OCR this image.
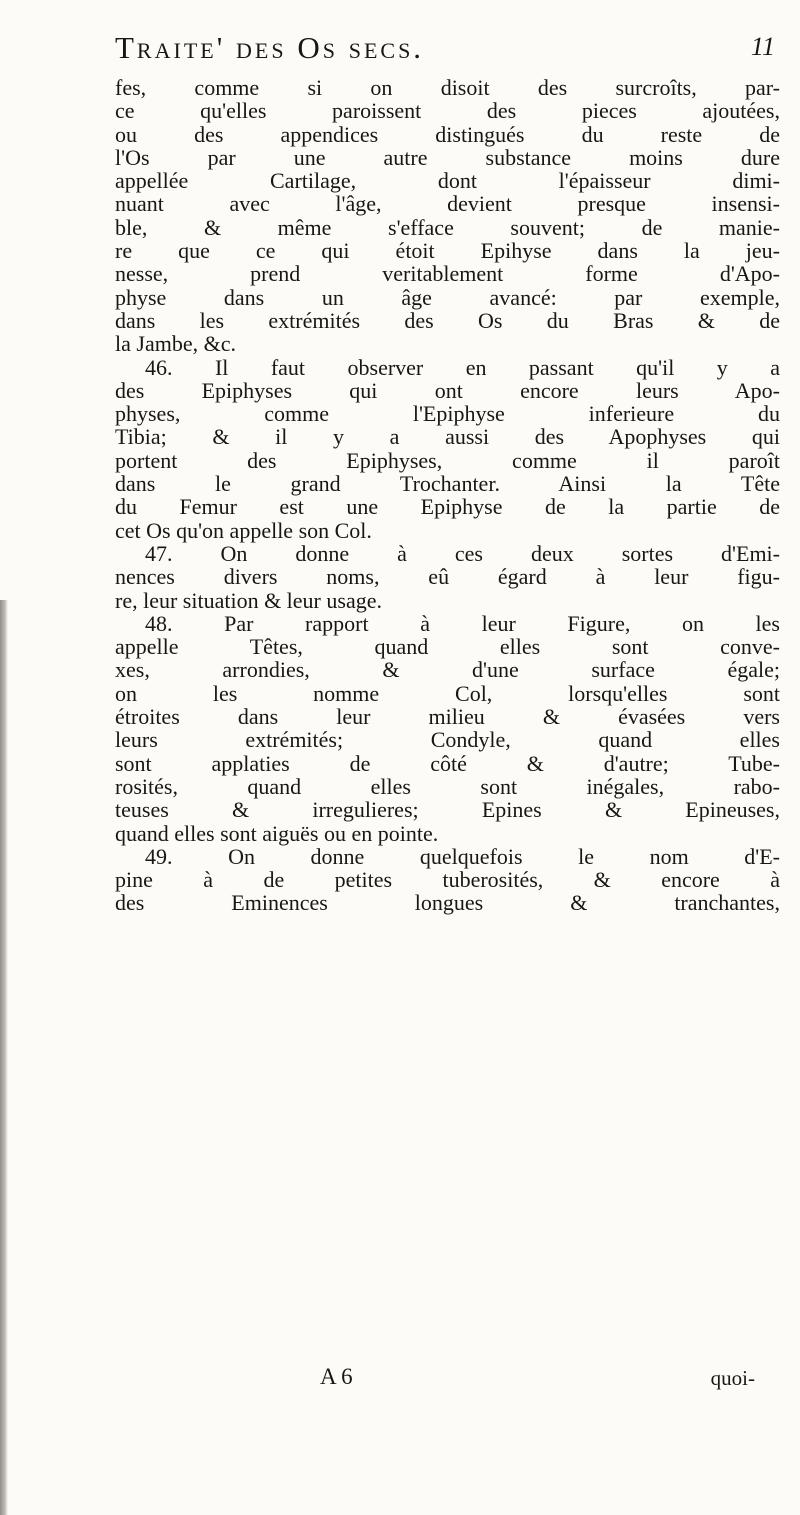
Traite' des Os secs.	11
fes, comme si on disoit des surcroîts, par-
ce qu'elles paroissent des pieces ajoutées,
ou des appendices distingués du reste de
l'Os par une autre substance moins dure
appellée Cartilage, dont l'épaisseur dimi-
nuant avec l'âge, devient presque insensi-
ble, & même s'efface souvent; de manie-
re que ce qui étoit Epihyse dans la jeu-
nesse, prend veritablement forme d'Apo-
physe dans un âge avancé: par exemple,
dans les extrémités des Os du Bras & de
la Jambe, &c.
46. Il faut observer en passant qu'il y a
des Epiphyses qui ont encore leurs Apo-
physes, comme l'Epiphyse inferieure du
Tibia; & il y a aussi des Apophyses qui
portent des Epiphyses, comme il paroît
dans le grand Trochanter. Ainsi la Tête
du Femur est une Epiphyse de la partie de
cet Os qu'on appelle son Col.
47. On donne à ces deux sortes d'Emi-
nences divers noms, eû égard à leur figu-
re, leur situation & leur usage.
48. Par rapport à leur Figure, on les
appelle Têtes, quand elles sont conve-
xes, arrondies, & d'une surface égale;
on les nomme Col, lorsqu'elles sont
étroites dans leur milieu & évasées vers
leurs extrémités; Condyle, quand elles
sont applaties de côté & d'autre; Tube-
rosités, quand elles sont inégales, rabo-
teuses & irregulieres; Epines & Epineuses,
quand elles sont aiguës ou en pointe.
49. On donne quelquefois le nom d'E-
pine à de petites tuberosités, & encore à
des Eminences longues & tranchantes,
A 6	quoi-
